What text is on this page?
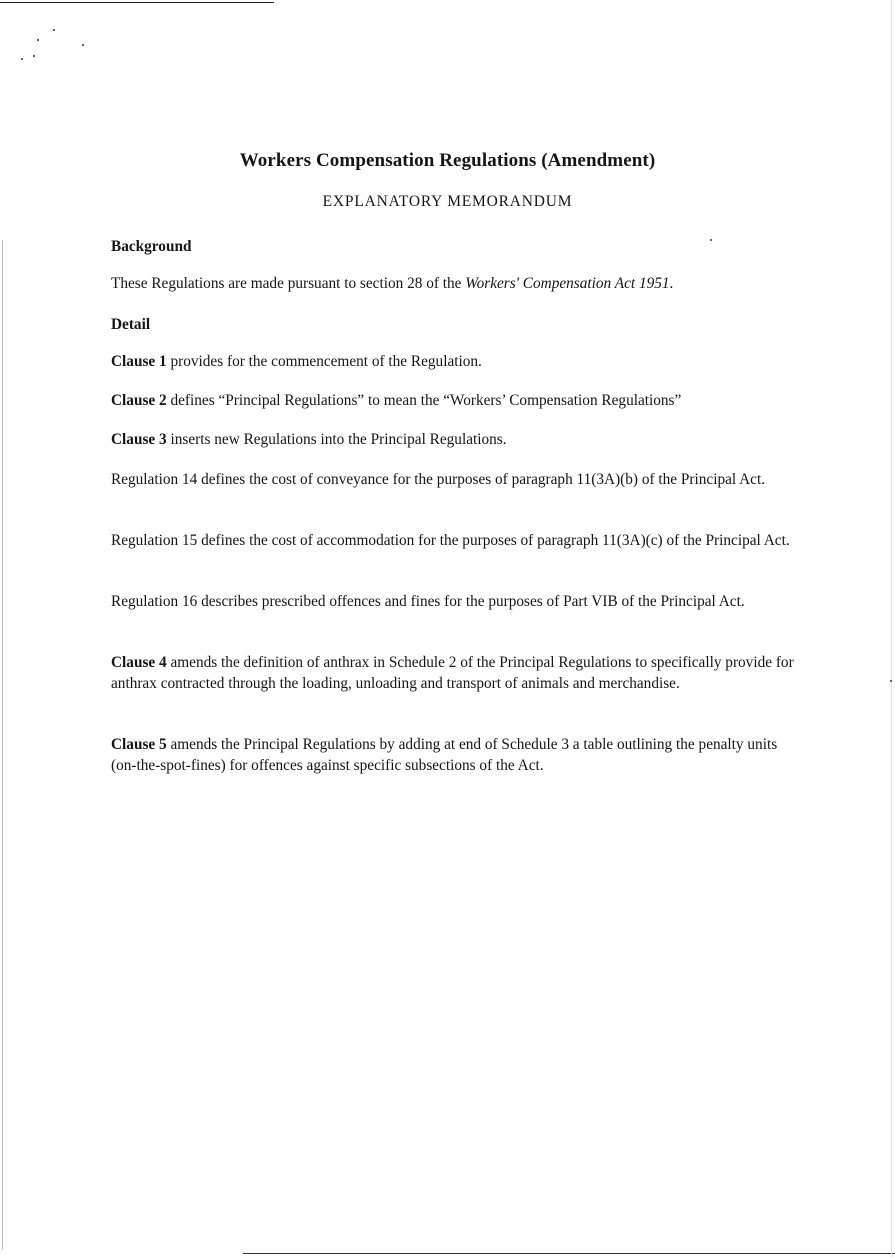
Workers Compensation Regulations (Amendment)
EXPLANATORY MEMORANDUM
Background
These Regulations are made pursuant to section 28 of the Workers' Compensation Act 1951.
Detail
Clause 1 provides for the commencement of the Regulation.
Clause 2 defines “Principal Regulations” to mean the “Workers’ Compensation Regulations”
Clause 3 inserts new Regulations into the Principal Regulations.
Regulation 14 defines the cost of conveyance for the purposes of paragraph 11(3A)(b) of the Principal Act.
Regulation 15 defines the cost of accommodation for the purposes of paragraph 11(3A)(c) of the Principal Act.
Regulation 16 describes prescribed offences and fines for the purposes of Part VIB of the Principal Act.
Clause 4 amends the definition of anthrax in Schedule 2 of the Principal Regulations to specifically provide for anthrax contracted through the loading, unloading and transport of animals and merchandise.
Clause 5 amends the Principal Regulations by adding at end of Schedule 3 a table outlining the penalty units (on-the-spot-fines) for offences against specific subsections of the Act.
